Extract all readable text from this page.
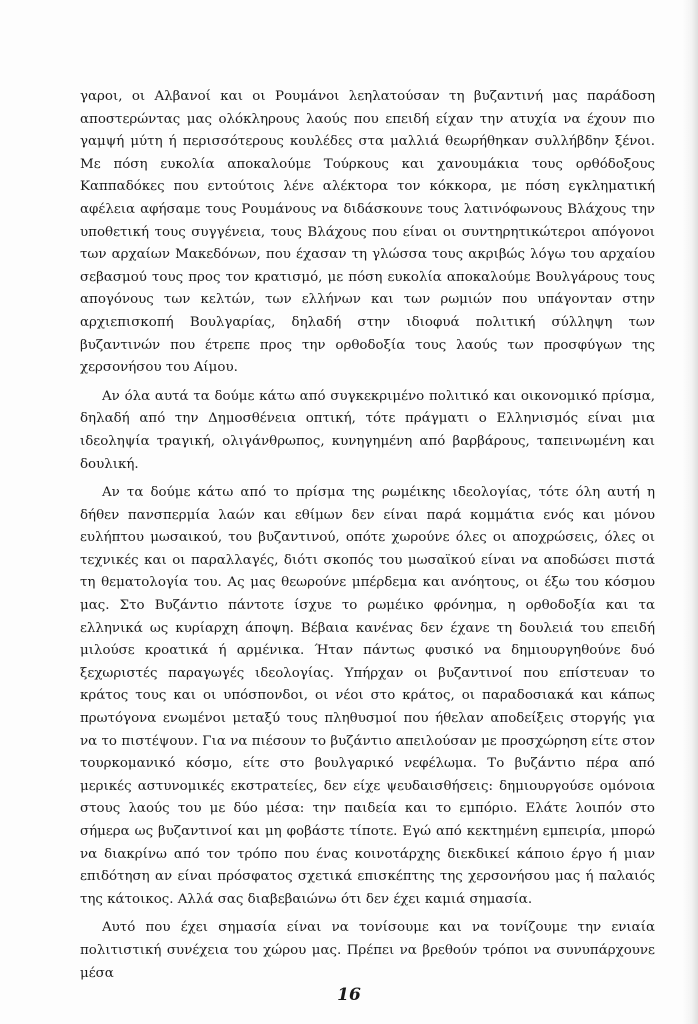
γαροι, οι Αλβανοί και οι Ρουμάνοι λεηλατούσαν τη βυζαντινή μας παράδοση αποστερώντας μας ολόκληρους λαούς που επειδή είχαν την ατυχία να έχουν πιο γαμψή μύτη ή περισσότερους κουλέδες στα μαλλιά θεωρήθηκαν συλλήβδην ξένοι. Με πόση ευκολία αποκαλούμε Τούρκους και χανουμάκια τους ορθόδοξους Καππαδόκες που εντούτοις λένε αλέκτορα τον κόκκορα, με πόση εγκληματική αφέλεια αφήσαμε τους Ρουμάνους να διδάσκουνε τους λατινόφωνους Βλάχους την υποθετική τους συγγένεια, τους Βλάχους που είναι οι συντηρητικώτεροι απόγονοι των αρχαίων Μακεδόνων, που έχασαν τη γλώσσα τους ακριβώς λόγω του αρχαίου σεβασμού τους προς τον κρατισμό, με πόση ευκολία αποκαλούμε Βουλγάρους τους απογόνους των κελτών, των ελλήνων και των ρωμιών που υπάγονταν στην αρχιεπισκοπή Βουλγαρίας, δηλαδή στην ιδιοφυά πολιτική σύλληψη των βυζαντινών που έτρεπε προς την ορθοδοξία τους λαούς των προσφύγων της χερσονήσου του Αίμου.

Αν όλα αυτά τα δούμε κάτω από συγκεκριμένο πολιτικό και οικονομικό πρίσμα, δηλαδή από την Δημοσθένεια οπτική, τότε πράγματι ο Ελληνισμός είναι μια ιδεοληψία τραγική, ολιγάνθρωπος, κυνηγημένη από βαρβάρους, ταπεινωμένη και δουλική.

Αν τα δούμε κάτω από το πρίσμα της ρωμέικης ιδεολογίας, τότε όλη αυτή η δήθεν πανσπερμία λαών και εθίμων δεν είναι παρά κομμάτια ενός και μόνου ευλήπτου μωσαικού, του βυζαντινού, οπότε χωρούνε όλες οι αποχρώσεις, όλες οι τεχνικές και οι παραλλαγές, διότι σκοπός του μωσαϊκού είναι να αποδώσει πιστά τη θεματολογία του. Ας μας θεωρούνε μπέρδεμα και ανόητους, οι έξω του κόσμου μας. Στο Βυζάντιο πάντοτε ίσχυε το ρωμέικο φρόνημα, η ορθοδοξία και τα ελληνικά ως κυρίαρχη άποψη. Βέβαια κανένας δεν έχανε τη δουλειά του επειδή μιλούσε κροατικά ή αρμένικα. Ήταν πάντως φυσικό να δημιουργηθούνε δυό ξεχωριστές παραγωγές ιδεολογίας. Υπήρχαν οι βυζαντινοί που επίστευαν το κράτος τους και οι υπόσπονδοι, οι νέοι στο κράτος, οι παραδοσιακά και κάπως πρωτόγονα ενωμένοι μεταξύ τους πληθυσμοί που ήθελαν αποδείξεις στοργής για να το πιστέψουν. Για να πιέσουν το βυζάντιο απειλούσαν με προσχώρηση είτε στον τουρκομανικό κόσμο, είτε στο βουλγαρικό νεφέλωμα. Το βυζάντιο πέρα από μερικές αστυνομικές εκστρατείες, δεν είχε ψευδαισθήσεις: δημιουργούσε ομόνοια στους λαούς του με δύο μέσα: την παιδεία και το εμπόριο. Ελάτε λοιπόν στο σήμερα ως βυζαντινοί και μη φοβάστε τίποτε. Εγώ από κεκτημένη εμπειρία, μπορώ να διακρίνω από τον τρόπο που ένας κοινοτάρχης διεκδικεί κάποιο έργο ή μιαν επιδότηση αν είναι πρόσφατος σχετικά επισκέπτης της χερσονήσου μας ή παλαιός της κάτοικος. Αλλά σας διαβεβαιώνω ότι δεν έχει καμιά σημασία.

Αυτό που έχει σημασία είναι να τονίσουμε και να τονίζουμε την ενιαία πολιτιστική συνέχεια του χώρου μας. Πρέπει να βρεθούν τρόποι να συνυπάρχουνε μέσα

16
